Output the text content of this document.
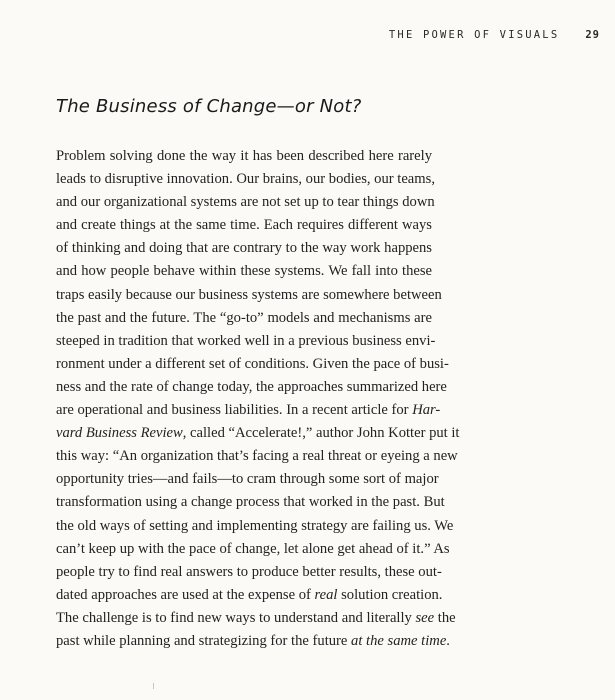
THE POWER OF VISUALS 29
The Business of Change—or Not?
Problem solving done the way it has been described here rarely
leads to disruptive innovation. Our brains, our bodies, our teams,
and our organizational systems are not set up to tear things down
and create things at the same time. Each requires different ways
of thinking and doing that are contrary to the way work happens
and how people behave within these systems. We fall into these
traps easily because our business systems are somewhere between
the past and the future. The “go-to” models and mechanisms are
steeped in tradition that worked well in a previous business envi-
ronment under a different set of conditions. Given the pace of busi-
ness and the rate of change today, the approaches summarized here
are operational and business liabilities. In a recent article for Har-
vard Business Review, called “Accelerate!,” author John Kotter put it
this way: “An organization that’s facing a real threat or eyeing a new
opportunity tries—and fails—to cram through some sort of major
transformation using a change process that worked in the past. But
the old ways of setting and implementing strategy are failing us. We
can’t keep up with the pace of change, let alone get ahead of it.” As
people try to find real answers to produce better results, these out-
dated approaches are used at the expense of real solution creation.
The challenge is to find new ways to understand and literally see the
past while planning and strategizing for the future at the same time.
